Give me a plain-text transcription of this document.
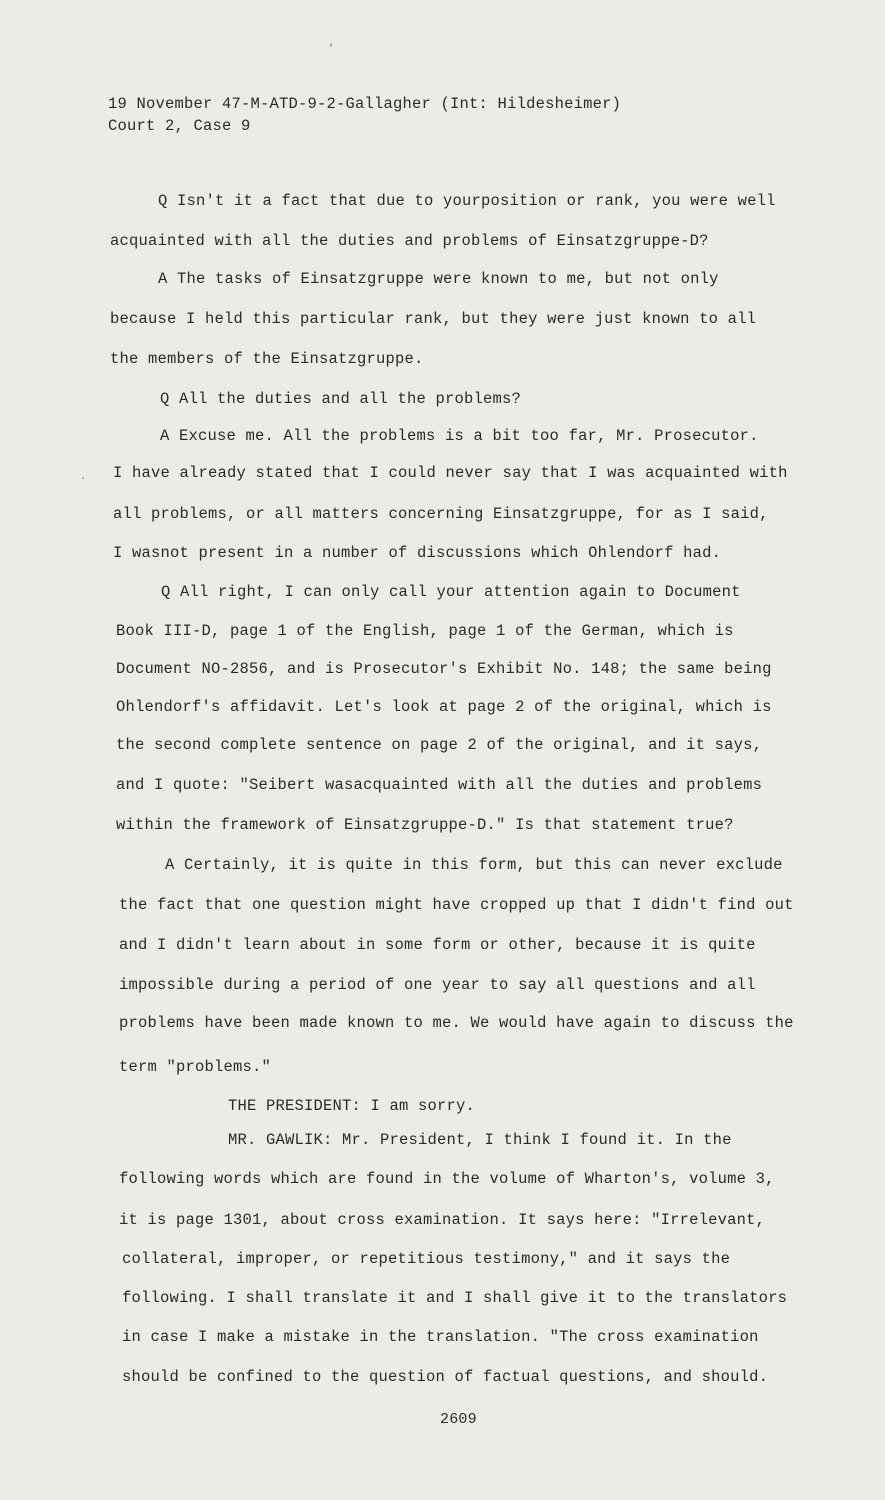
'
·
19 November 47-M-ATD-9-2-Gallagher (Int: Hildesheimer)
Court 2, Case 9
Q Isn't it a fact that due to yourposition or rank, you were well
acquainted with all the duties and problems of Einsatzgruppe-D?
A The tasks of Einsatzgruppe were known to me, but not only
because I held this particular rank, but they were just known to all
the members of the Einsatzgruppe.
Q All the duties and all the problems?
A Excuse me. All the problems is a bit too far, Mr. Prosecutor.
I have already stated that I could never say that I was acquainted with
all problems, or all matters concerning Einsatzgruppe, for as I said,
I wasnot present in a number of discussions which Ohlendorf had.
Q All right, I can only call your attention again to Document
Book III-D, page 1 of the English, page 1 of the German, which is
Document NO-2856, and is Prosecutor's Exhibit No. 148; the same being
Ohlendorf's affidavit. Let's look at page 2 of the original, which is
the second complete sentence on page 2 of the original, and it says,
and I quote: "Seibert wasacquainted with all the duties and problems
within the framework of Einsatzgruppe-D." Is that statement true?
A Certainly, it is quite in this form, but this can never exclude
the fact that one question might have cropped up that I didn't find out
and I didn't learn about in some form or other, because it is quite
impossible during a period of one year to say all questions and all
problems have been made known to me. We would have again to discuss the
term "problems."
THE PRESIDENT: I am sorry.
MR. GAWLIK: Mr. President, I think I found it. In the
following words which are found in the volume of Wharton's, volume 3,
it is page 1301, about cross examination. It says here: "Irrelevant,
collateral, improper, or repetitious testimony," and it says the
following. I shall translate it and I shall give it to the translators
in case I make a mistake in the translation. "The cross examination
should be confined to the question of factual questions, and should.
2609
